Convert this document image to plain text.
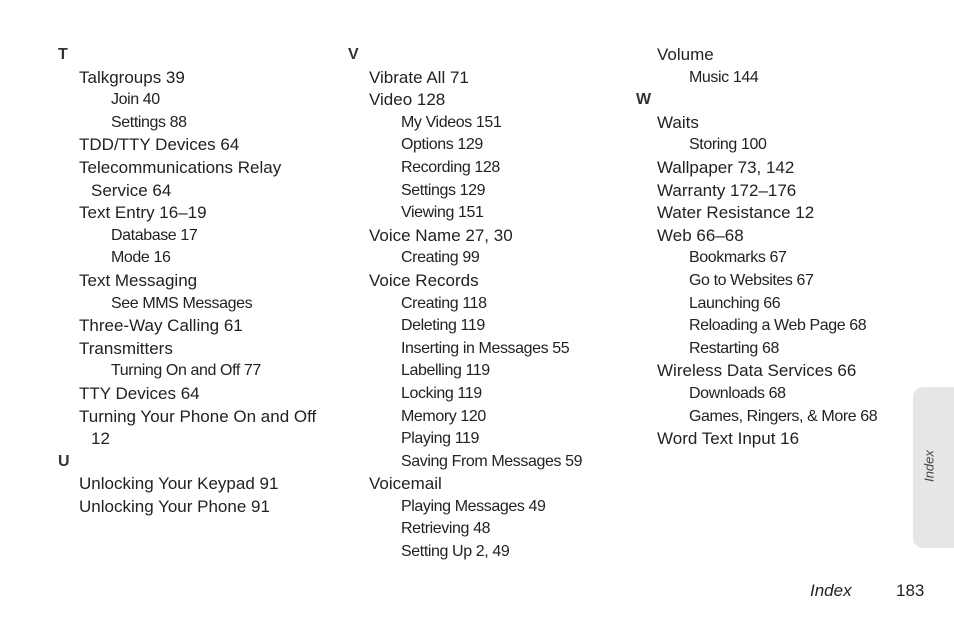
T
Talkgroups 39
Join 40
Settings 88
TDD/TTY Devices 64
Telecommunications Relay
Service 64
Text Entry 16–19
Database 17
Mode 16
Text Messaging
See MMS Messages
Three-Way Calling 61
Transmitters
Turning On and Off 77
TTY Devices 64
Turning Your Phone On and Off
12
U
Unlocking Your Keypad 91
Unlocking Your Phone 91
V
Vibrate All 71
Video 128
My Videos 151
Options 129
Recording 128
Settings 129
Viewing 151
Voice Name 27, 30
Creating 99
Voice Records
Creating 118
Deleting 119
Inserting in Messages 55
Labelling 119
Locking 119
Memory 120
Playing 119
Saving From Messages 59
Voicemail
Playing Messages 49
Retrieving 48
Setting Up 2, 49
Volume
Music 144
W
Waits
Storing 100
Wallpaper 73, 142
Warranty 172–176
Water Resistance 12
Web 66–68
Bookmarks 67
Go to Websites 67
Launching 66
Reloading a Web Page 68
Restarting 68
Wireless Data Services 66
Downloads 68
Games, Ringers, & More 68
Word Text Input 16
Index
Index	183
